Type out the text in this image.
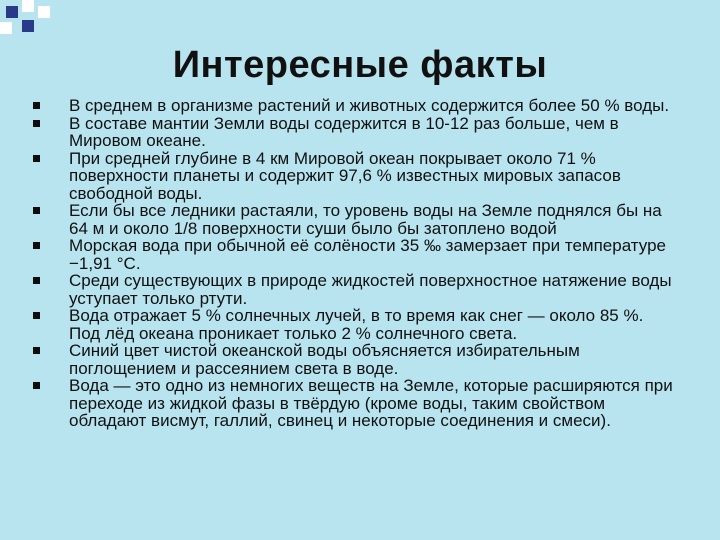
Интересные факты
В среднем в организме растений и животных содержится более 50 % воды.
В составе мантии Земли воды содержится в 10-12 раз больше, чем в Мировом океане.
При средней глубине в 4 км Мировой океан покрывает около 71 % поверхности планеты и содержит 97,6 % известных мировых запасов свободной воды.
Если бы все ледники растаяли, то уровень воды на Земле поднялся бы на 64 м и около 1/8 поверхности суши было бы затоплено водой
Морская вода при обычной её солёности 35 ‰ замерзает при температуре −1,91 °C.
Среди существующих в природе жидкостей поверхностное натяжение воды уступает только ртути.
Вода отражает 5 % солнечных лучей, в то время как снег — около 85 %. Под лёд океана проникает только 2 % солнечного света.
Синий цвет чистой океанской воды объясняется избирательным поглощением и рассеянием света в воде.
Вода — это одно из немногих веществ на Земле, которые расширяются при переходе из жидкой фазы в твёрдую (кроме воды, таким свойством обладают висмут, галлий, свинец и некоторые соединения и смеси).
